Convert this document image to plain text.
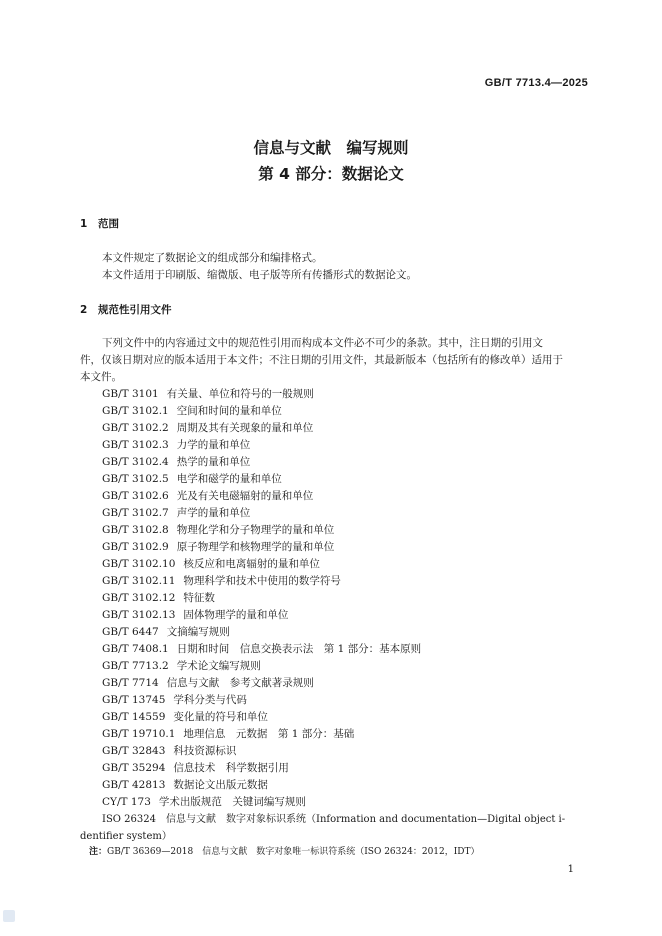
GB/T 7713.4—2025
信息与文献　编写规则
第 4 部分：数据论文
1 范围
本文件规定了数据论文的组成部分和编排格式。
本文件适用于印刷版、缩微版、电子版等所有传播形式的数据论文。
2 规范性引用文件
下列文件中的内容通过文中的规范性引用而构成本文件必不可少的条款。其中，注日期的引用文
件，仅该日期对应的版本适用于本文件；不注日期的引用文件，其最新版本（包括所有的修改单）适用于
本文件。
GB/T 3101 有关量、单位和符号的一般规则
GB/T 3102.1 空间和时间的量和单位
GB/T 3102.2 周期及其有关现象的量和单位
GB/T 3102.3 力学的量和单位
GB/T 3102.4 热学的量和单位
GB/T 3102.5 电学和磁学的量和单位
GB/T 3102.6 光及有关电磁辐射的量和单位
GB/T 3102.7 声学的量和单位
GB/T 3102.8 物理化学和分子物理学的量和单位
GB/T 3102.9 原子物理学和核物理学的量和单位
GB/T 3102.10 核反应和电离辐射的量和单位
GB/T 3102.11 物理科学和技术中使用的数学符号
GB/T 3102.12 特征数
GB/T 3102.13 固体物理学的量和单位
GB/T 6447 文摘编写规则
GB/T 7408.1 日期和时间　信息交换表示法　第 1 部分：基本原则
GB/T 7713.2 学术论文编写规则
GB/T 7714 信息与文献　参考文献著录规则
GB/T 13745 学科分类与代码
GB/T 14559 变化量的符号和单位
GB/T 19710.1 地理信息　元数据　第 1 部分：基础
GB/T 32843 科技资源标识
GB/T 35294 信息技术　科学数据引用
GB/T 42813 数据论文出版元数据
CY/T 173 学术出版规范　关键词编写规则
ISO 26324　信息与文献　数字对象标识系统（Information and documentation—Digital object i-
dentifier system）
注：GB/T 36369—2018　信息与文献　数字对象唯一标识符系统（ISO 26324：2012，IDT）
1
